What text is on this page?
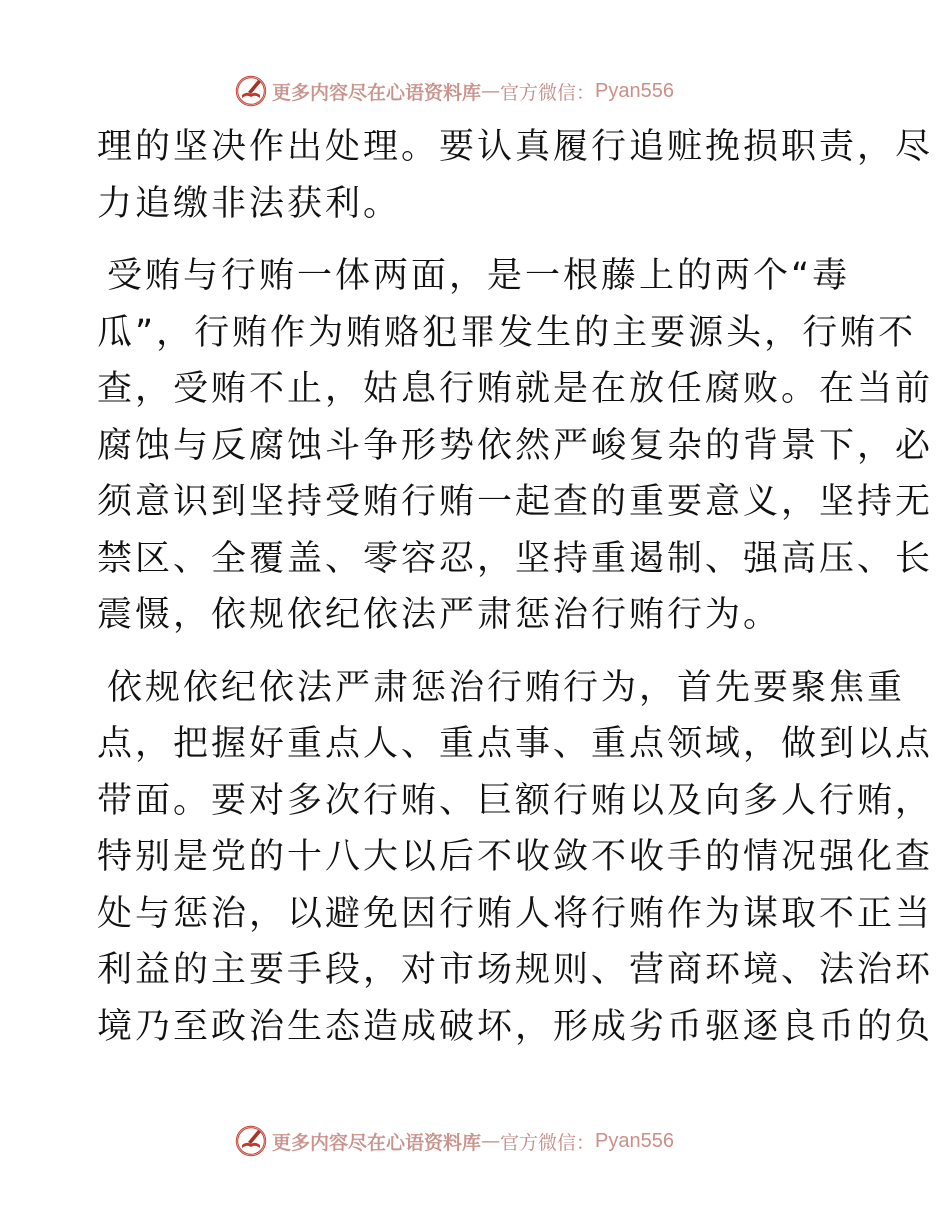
更多内容尽在心语资料库 — 官方微信： Pyan556

理的坚决作出处理。要认真履行追赃挽损职责，尽
力追缴非法获利。

受贿与行贿一体两面，是一根藤上的两个“毒
瓜”，行贿作为贿赂犯罪发生的主要源头，行贿不
查，受贿不止，姑息行贿就是在放任腐败。在当前
腐蚀与反腐蚀斗争形势依然严峻复杂的背景下，必
须意识到坚持受贿行贿一起查的重要意义，坚持无
禁区、全覆盖、零容忍，坚持重遏制、强高压、长
震慑，依规依纪依法严肃惩治行贿行为。

依规依纪依法严肃惩治行贿行为，首先要聚焦重
点，把握好重点人、重点事、重点领域，做到以点
带面。要对多次行贿、巨额行贿以及向多人行贿，
特别是党的十八大以后不收敛不收手的情况强化查
处与惩治，以避免因行贿人将行贿作为谋取不正当
利益的主要手段，对市场规则、营商环境、法治环
境乃至政治生态造成破坏，形成劣币驱逐良币的负

更多内容尽在心语资料库 — 官方微信： Pyan556
